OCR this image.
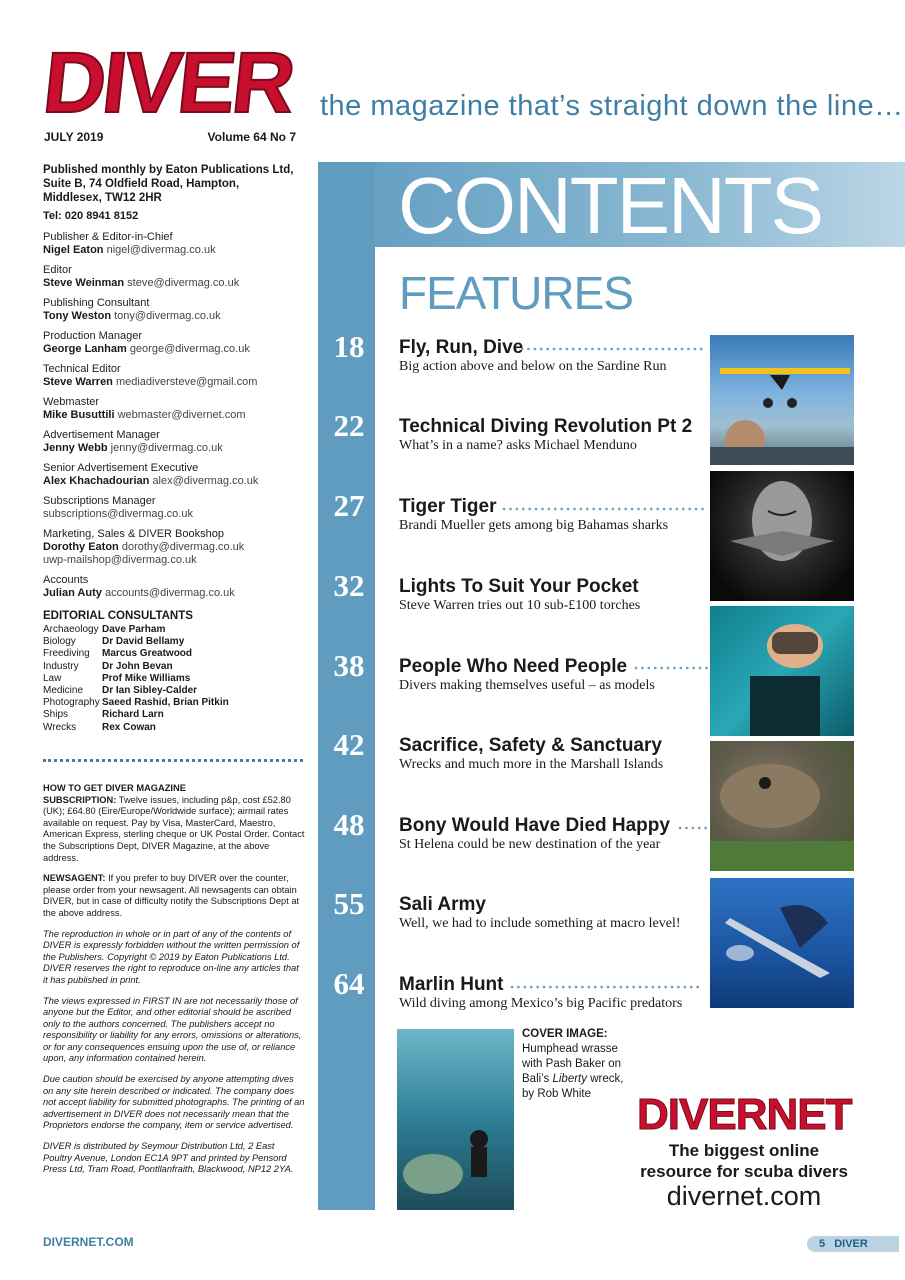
DIVER the magazine that’s straight down the line…
JULY 2019	Volume 64 No 7
Published monthly by Eaton Publications Ltd,
Suite B, 74 Oldfield Road, Hampton,
Middlesex, TW12 2HR
Tel: 020 8941 8152
Publisher & Editor-in-Chief
Nigel Eaton nigel@divermag.co.uk
Editor
Steve Weinman steve@divermag.co.uk
Publishing Consultant
Tony Weston tony@divermag.co.uk
Production Manager
George Lanham george@divermag.co.uk
Technical Editor
Steve Warren mediadiversteve@gmail.com
Webmaster
Mike Busuttili webmaster@divernet.com
Advertisement Manager
Jenny Webb jenny@divermag.co.uk
Senior Advertisement Executive
Alex Khachadourian alex@divermag.co.uk
Subscriptions Manager
subscriptions@divermag.co.uk
Marketing, Sales & DIVER Bookshop
Dorothy Eaton dorothy@divermag.co.uk
uwp-mailshop@divermag.co.uk
Accounts
Julian Auty accounts@divermag.co.uk
EDITORIAL CONSULTANTS
Archaeology Dave Parham
Biology	Dr David Bellamy
Freediving	Marcus Greatwood
Industry	Dr John Bevan
Law	Prof Mike Williams
Medicine	Dr Ian Sibley-Calder
Photography Saeed Rashid, Brian Pitkin
Ships	Richard Larn
Wrecks	Rex Cowan

HOW TO GET DIVER MAGAZINE
SUBSCRIPTION: Twelve issues, including p&p, cost £52.80 (UK); £64.80 (Eire/Europe/Worldwide surface); airmail rates available on request. Pay by Visa, MasterCard, Maestro, American Express, sterling cheque or UK Postal Order. Contact the Subscriptions Dept, DIVER Magazine, at the above address.

NEWSAGENT: If you prefer to buy DIVER over the counter, please order from your newsagent. All newsagents can obtain DIVER, but in case of difficulty notify the Subscriptions Dept at the above address.

The reproduction in whole or in part of any of the contents of DIVER is expressly forbidden without the written permission of the Publishers. Copyright © 2019 by Eaton Publications Ltd. DIVER reserves the right to reproduce on-line any articles that it has published in print.

The views expressed in FIRST IN are not necessarily those of anyone but the Editor, and other editorial should be ascribed only to the authors concerned. The publishers accept no responsibility or liability for any errors, omissions or alterations, or for any consequences ensuing upon the use of, or reliance upon, any information contained herein.

Due caution should be exercised by anyone attempting dives on any site herein described or indicated. The company does not accept liability for submitted photographs. The printing of an advertisement in DIVER does not necessarily mean that the Proprietors endorse the company, item or service advertised.

DIVER is distributed by Seymour Distribution Ltd, 2 East Poultry Avenue, London EC1A 9PT and printed by Pensord Press Ltd, Tram Road, Pontllanfraith, Blackwood, NP12 2YA.

DIVERNET.COM	5 DIVER
CONTENTS
FEATURES
18 Fly, Run, Dive
Big action above and below on the Sardine Run
22 Technical Diving Revolution Pt 2
What’s in a name? asks Michael Menduno
27 Tiger Tiger
Brandi Mueller gets among big Bahamas sharks
32 Lights To Suit Your Pocket
Steve Warren tries out 10 sub-£100 torches
38 People Who Need People
Divers making themselves useful – as models
42 Sacrifice, Safety & Sanctuary
Wrecks and much more in the Marshall Islands
48 Bony Would Have Died Happy
St Helena could be new destination of the year
55 Sali Army
Well, we had to include something at macro level!
64 Marlin Hunt
Wild diving among Mexico’s big Pacific predators
COVER IMAGE:
Humphead wrasse
with Pash Baker on
Bali’s Liberty wreck,
by Rob White	DIVERNET
The biggest online
resource for scuba divers
divernet.com
